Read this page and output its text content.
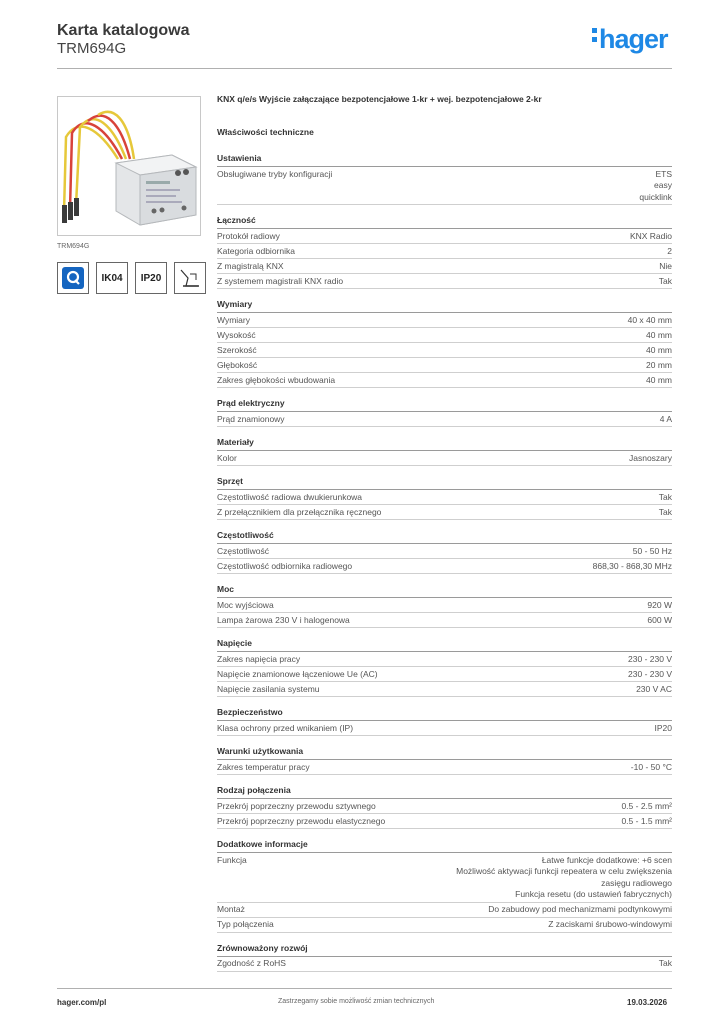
Karta katalogowa
TRM694G	hager
TRM694G
IK04	IP20
KNX q/e/s Wyjście załączające bezpotencjałowe 1-kr + wej. bezpotencjałowe 2-kr
Właściwości techniczne
Ustawienia
Obsługiwane tryby konfiguracji	ETS
easy
quicklink
Łączność
Protokół radiowy	KNX Radio
Kategoria odbiornika	2
Z magistralą KNX	Nie
Z systemem magistrali KNX radio	Tak
Wymiary
Wymiary	40 x 40 mm
Wysokość	40 mm
Szerokość	40 mm
Głębokość	20 mm
Zakres głębokości wbudowania	40 mm
Prąd elektryczny
Prąd znamionowy	4 A
Materiały
Kolor	Jasnoszary
Sprzęt
Częstotliwość radiowa dwukierunkowa	Tak
Z przełącznikiem dla przełącznika ręcznego	Tak
Częstotliwość
Częstotliwość	50 - 50 Hz
Częstotliwość odbiornika radiowego	868,30 - 868,30 MHz
Moc
Moc wyjściowa	920 W
Lampa żarowa 230 V i halogenowa	600 W
Napięcie
Zakres napięcia pracy	230 - 230 V
Napięcie znamionowe łączeniowe Ue (AC)	230 - 230 V
Napięcie zasilania systemu	230 V AC
Bezpieczeństwo
Klasa ochrony przed wnikaniem (IP)	IP20
Warunki użytkowania
Zakres temperatur pracy	-10 - 50 °C
Rodzaj połączenia
Przekrój poprzeczny przewodu sztywnego	0.5 - 2.5 mm²
Przekrój poprzeczny przewodu elastycznego	0.5 - 1.5 mm²
Dodatkowe informacje
Funkcja	Łatwe funkcje dodatkowe: +6 scen
Możliwość aktywacji funkcji repeatera w celu zwiększenia
zasięgu radiowego
Funkcja resetu (do ustawień fabrycznych)
Montaż	Do zabudowy pod mechanizmami podtynkowymi
Typ połączenia	Z zaciskami śrubowo-windowymi
Zrównoważony rozwój
Zgodność z RoHS	Tak
hager.com/pl	Zastrzegamy sobie możliwość zmian technicznych	19.03.2026
